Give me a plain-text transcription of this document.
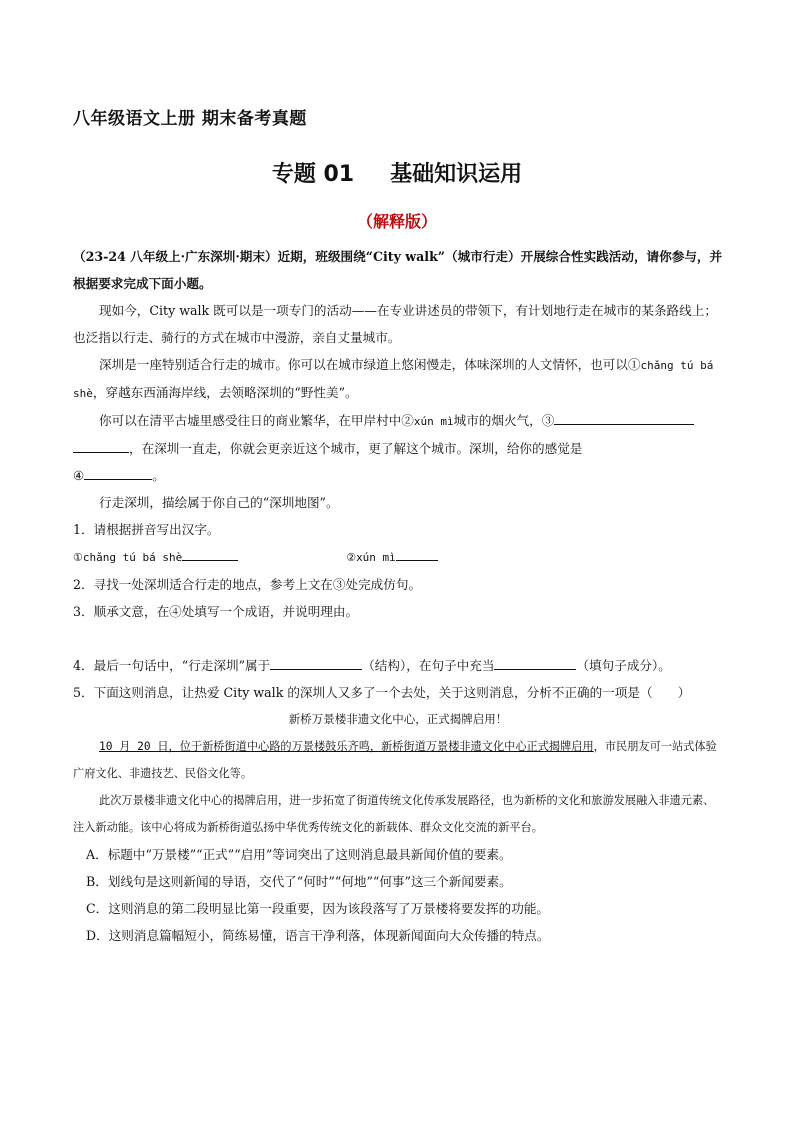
八年级语文上册 期末备考真题
专题 01 基础知识运用
（解释版）

（23-24 八年级上·广东深圳·期末）近期，班级围绕“City walk”（城市行走）开展综合性实践活动，请你参与，并根据要求完成下面小题。

现如今，City walk 既可以是一项专门的活动——在专业讲述员的带领下，有计划地行走在城市的某条路线上；也泛指以行走、骑行的方式在城市中漫游，亲自丈量城市。

深圳是一座特别适合行走的城市。你可以在城市绿道上悠闲慢走，体味深圳的人文情怀，也可以①chǎng tú bá shè，穿越东西涌海岸线，去领略深圳的“野性美”。

你可以在清平古墟里感受往日的商业繁华，在甲岸村中②xún mì城市的烟火气，③
，在深圳一直走，你就会更亲近这个城市，更了解这个城市。深圳，给你的感觉是
④	。

行走深圳，描绘属于你自己的“深圳地图”。

1．请根据拼音写出汉字。

①chǎng tú bá shè	②xún mì

2．寻找一处深圳适合行走的地点，参考上文在③处完成仿句。

3．顺承文意，在④处填写一个成语，并说明理由。

4．最后一句话中，“行走深圳”属于	（结构），在句子中充当	（填句子成分）。

5．下面这则消息，让热爱 City walk 的深圳人又多了一个去处，关于这则消息，分析不正确的一项是（　　）

新桥万景楼非遗文化中心，正式揭牌启用！

10 月 20 日，位于新桥街道中心路的万景楼鼓乐齐鸣，新桥街道万景楼非遗文化中心正式揭牌启用，市民朋友可一站式体验广府文化、非遗技艺、民俗文化等。

此次万景楼非遗文化中心的揭牌启用，进一步拓宽了街道传统文化传承发展路径，也为新桥的文化和旅游发展融入非遗元素、注入新动能。该中心将成为新桥街道弘扬中华优秀传统文化的新载体、群众文化交流的新平台。

A．标题中“万景楼”“正式”“启用”等词突出了这则消息最具新闻价值的要素。

B．划线句是这则新闻的导语，交代了“何时”“何地”“何事”这三个新闻要素。

C．这则消息的第二段明显比第一段重要，因为该段落写了万景楼将要发挥的功能。

D．这则消息篇幅短小，简练易懂，语言干净利落，体现新闻面向大众传播的特点。
